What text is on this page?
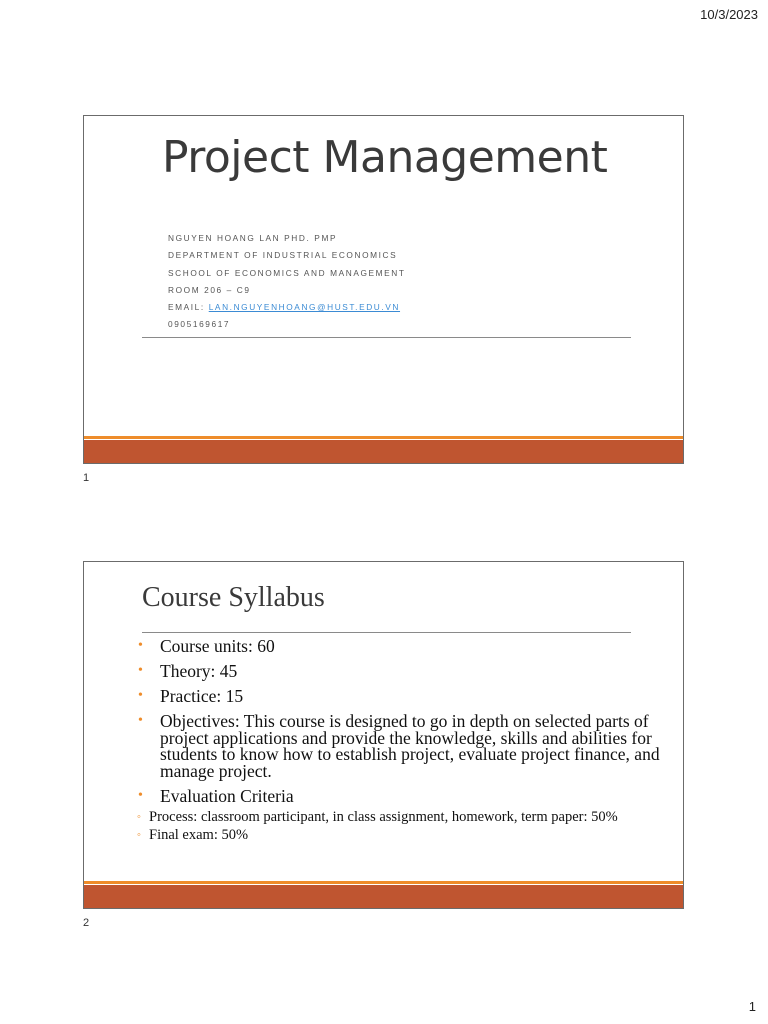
10/3/2023
Project Management
NGUYEN HOANG LAN PHD. PMP
DEPARTMENT OF INDUSTRIAL ECONOMICS
SCHOOL OF ECONOMICS AND MANAGEMENT
ROOM 206 – C9
EMAIL: LAN.NGUYENHOANG@HUST.EDU.VN
0905169617
1
Course Syllabus
• Course units: 60
• Theory: 45
• Practice: 15
• Objectives: This course is designed to go in depth on selected parts of project applications and provide the knowledge, skills and abilities for students to know how to establish project, evaluate project finance, and manage project.
• Evaluation Criteria
◦ Process: classroom participant, in class assignment, homework, term paper: 50%
◦ Final exam: 50%
2
1
